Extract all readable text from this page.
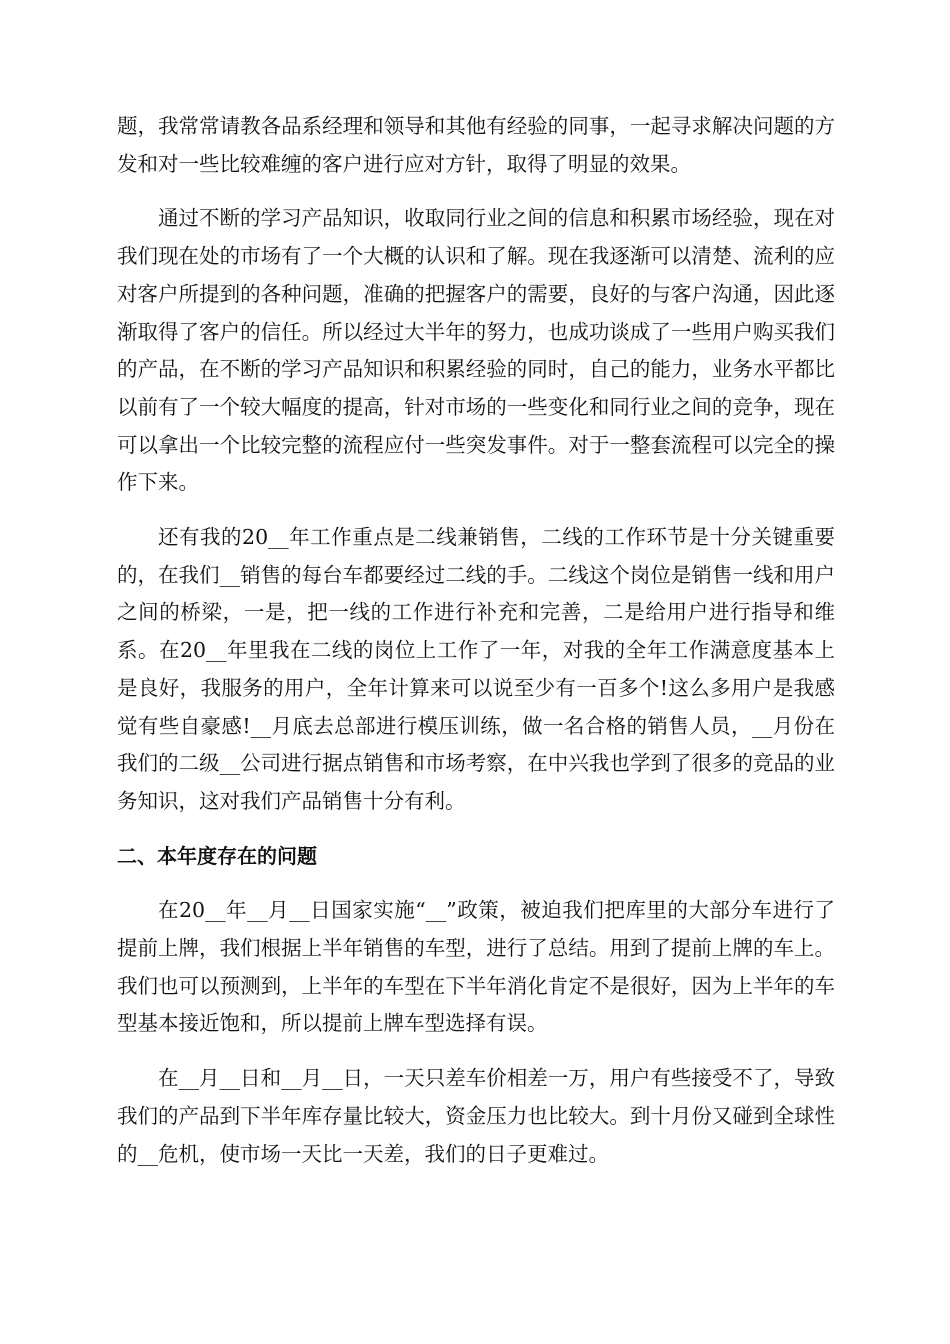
题，我常常请教各品系经理和领导和其他有经验的同事，一起寻求解决问题的方发和对一些比较难缠的客户进行应对方针，取得了明显的效果。

通过不断的学习产品知识，收取同行业之间的信息和积累市场经验，现在对我们现在处的市场有了一个大概的认识和了解。现在我逐渐可以清楚、流利的应对客户所提到的各种问题，准确的把握客户的需要，良好的与客户沟通，因此逐渐取得了客户的信任。所以经过大半年的努力，也成功谈成了一些用户购买我们的产品，在不断的学习产品知识和积累经验的同时，自己的能力，业务水平都比以前有了一个较大幅度的提高，针对市场的一些变化和同行业之间的竞争，现在可以拿出一个比较完整的流程应付一些突发事件。对于一整套流程可以完全的操作下来。

还有我的20__年工作重点是二线兼销售，二线的工作环节是十分关键重要的，在我们__销售的每台车都要经过二线的手。二线这个岗位是销售一线和用户之间的桥梁，一是，把一线的工作进行补充和完善，二是给用户进行指导和维系。在20__年里我在二线的岗位上工作了一年，对我的全年工作满意度基本上是良好，我服务的用户，全年计算来可以说至少有一百多个!这么多用户是我感觉有些自豪感!__月底去总部进行模压训练，做一名合格的销售人员，__月份在我们的二级__公司进行据点销售和市场考察，在中兴我也学到了很多的竞品的业务知识，这对我们产品销售十分有利。

二、本年度存在的问题

在20__年__月__日国家实施“__”政策，被迫我们把库里的大部分车进行了提前上牌，我们根据上半年销售的车型，进行了总结。用到了提前上牌的车上。我们也可以预测到，上半年的车型在下半年消化肯定不是很好，因为上半年的车型基本接近饱和，所以提前上牌车型选择有误。

在__月__日和__月__日，一天只差车价相差一万，用户有些接受不了，导致我们的产品到下半年库存量比较大，资金压力也比较大。到十月份又碰到全球性的__危机，使市场一天比一天差，我们的日子更难过。
